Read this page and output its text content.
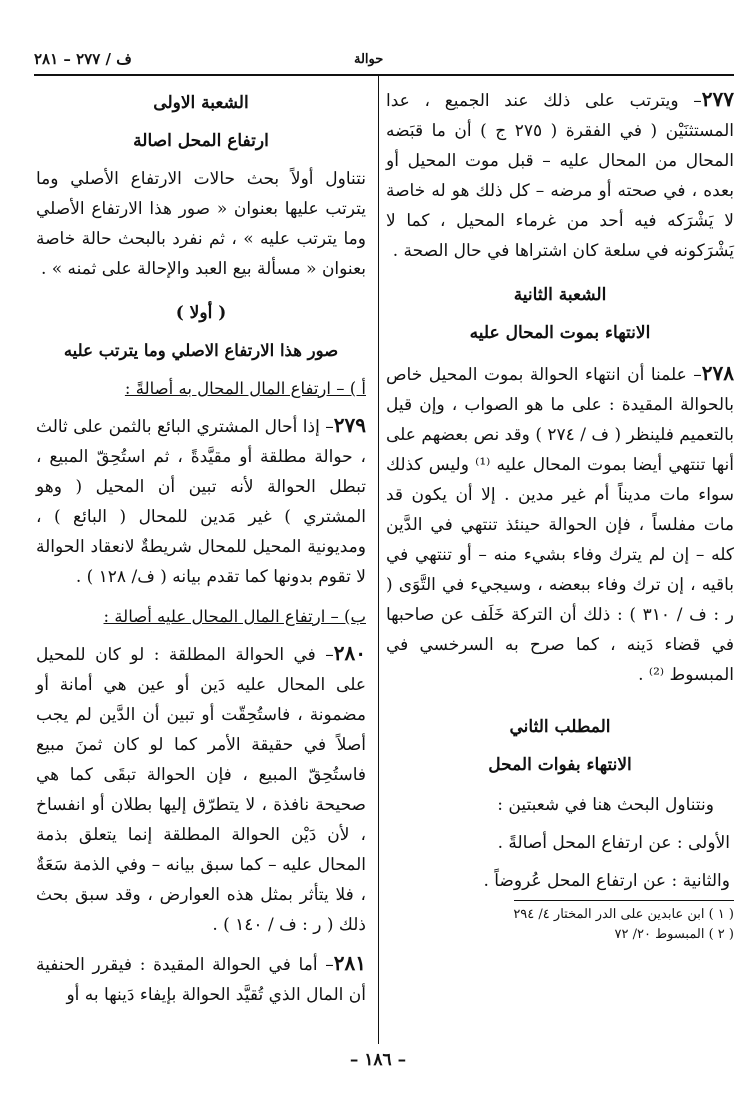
ف / ٢٧٧ – ٢٨١	حوالة

٢٧٧– ويترتب على ذلك عند الجميع ، عدا المستثنَيْن ( في الفقرة ( ٢٧٥ ج ) أن ما قبَضه المحال من المحال عليه – قبل موت المحيل أو بعده ، في صحته أو مرضه – كل ذلك هو له خاصة لا يَشْرَكه فيه أحد من غرماء المحيل ، كما لا يَشْرَكونه في سلعة كان اشتراها في حال الصحة .

الشعبة الثانية

الانتهاء بموت المحال عليه

٢٧٨– علمنا أن انتهاء الحوالة بموت المحيل خاص بالحوالة المقيدة : على ما هو الصواب ، وإن قيل بالتعميم فلينظر ( ف / ٢٧٤ ) وقد نص بعضهم على أنها تنتهي أيضا بموت المحال عليه ⁽¹⁾ وليس كذلك سواء مات مديناً أم غير مدين . إلا أن يكون قد مات مفلساً ، فإن الحوالة حينئذ تنتهي في الدَّين كله – إن لم يترك وفاء بشيء منه – أو تنتهي في باقيه ، إن ترك وفاء ببعضه ، وسيجيء في التَّوَى ( ر : ف / ٣١٠ ) : ذلك أن التركة خَلَف عن صاحبها في قضاء دَينه ، كما صرح به السرخسي في المبسوط ⁽²⁾ .

المطلب الثاني

الانتهاء بفوات المحل

ونتناول البحث هنا في شعبتين :

الأولى : عن ارتفاع المحل أصالةً .

والثانية : عن ارتفاع المحل عُروضاً .

( ١ ) ابن عابدين على الدر المختار ٤/ ٢٩٤

( ٢ ) المبسوط ٢٠/ ٧٢

الشعبة الاولى

ارتفاع المحل اصالة

نتناول أولاً بحث حالات الارتفاع الأصلي وما يترتب عليها بعنوان « صور هذا الارتفاع الأصلي وما يترتب عليه » ، ثم نفرد بالبحث حالة خاصة بعنوان « مسألة بيع العبد والإحالة على ثمنه » .

( أولا )

صور هذا الارتفاع الاصلي وما يترتب عليه

أ ) – ارتفاع المال المحال به أصالةً :

٢٧٩– إذا أحال المشتري البائع بالثمن على ثالث ، حوالة مطلقة أو مقيَّدةً ، ثم استُحِقّ المبيع ، تبطل الحوالة لأنه تبين أن المحيل ( وهو المشتري ) غير مَدين للمحال ( البائع ) ، ومديونية المحيل للمحال شريطةٌ لانعقاد الحوالة لا تقوم بدونها كما تقدم بيانه ( ف/ ١٢٨ ) .

ب) – ارتفاع المال المحال عليه أصالة :

٢٨٠– في الحوالة المطلقة : لو كان للمحيل على المحال عليه دَين أو عين هي أمانة أو مضمونة ، فاستُحِقّت أو تبين أن الدَّين لم يجب أصلاً في حقيقة الأمر كما لو كان ثمنَ مبيع فاستُحِقّ المبيع ، فإن الحوالة تبقَى كما هي صحيحة نافذة ، لا يتطرّق إليها بطلان أو انفساخ ، لأن دَيْن الحوالة المطلقة إنما يتعلق بذمة المحال عليه – كما سبق بيانه – وفي الذمة سَعَةٌ ، فلا يتأثر بمثل هذه العوارض ، وقد سبق بحث ذلك ( ر : ف / ١٤٠ ) .

٢٨١– أما في الحوالة المقيدة : فيقرر الحنفية أن المال الذي تُقيَّد الحوالة بإيفاء دَينها به أو

– ١٨٦ –
